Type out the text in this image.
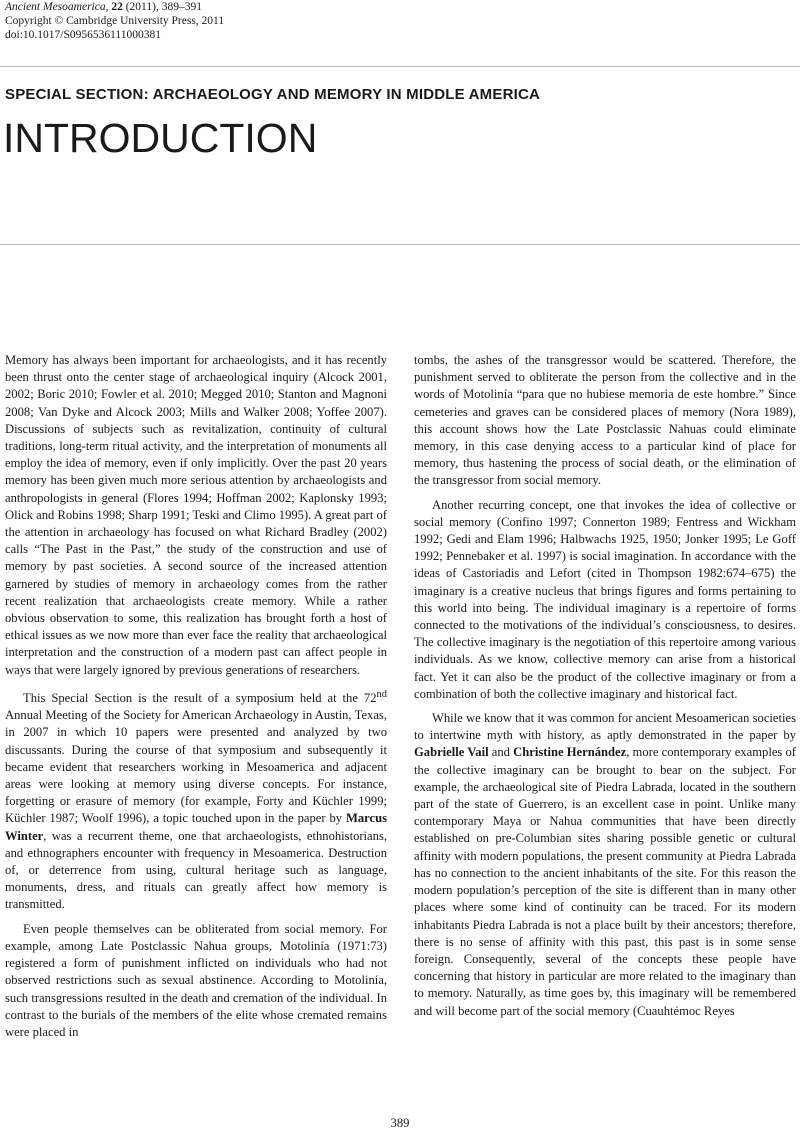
Ancient Mesoamerica, 22 (2011), 389–391
Copyright © Cambridge University Press, 2011
doi:10.1017/S0956536111000381
SPECIAL SECTION: ARCHAEOLOGY AND MEMORY IN MIDDLE AMERICA
INTRODUCTION

Memory has always been important for archaeologists, and it has recently been thrust onto the center stage of archaeological inquiry (Alcock 2001, 2002; Boric 2010; Fowler et al. 2010; Megged 2010; Stanton and Magnoni 2008; Van Dyke and Alcock 2003; Mills and Walker 2008; Yoffee 2007). Discussions of subjects such as revitalization, continuity of cultural traditions, long-term ritual activity, and the interpretation of monuments all employ the idea of memory, even if only implicitly. Over the past 20 years memory has been given much more serious attention by archaeologists and anthropologists in general (Flores 1994; Hoffman 2002; Kaplonsky 1993; Olick and Robins 1998; Sharp 1991; Teski and Climo 1995). A great part of the attention in archaeology has focused on what Richard Bradley (2002) calls “The Past in the Past,” the study of the construction and use of memory by past societies. A second source of the increased attention garnered by studies of memory in archaeology comes from the rather recent realization that archaeologists create memory. While a rather obvious observation to some, this realization has brought forth a host of ethical issues as we now more than ever face the reality that archaeological interpretation and the construction of a modern past can affect people in ways that were largely ignored by previous generations of researchers.

This Special Section is the result of a symposium held at the 72nd Annual Meeting of the Society for American Archaeology in Austin, Texas, in 2007 in which 10 papers were presented and analyzed by two discussants. During the course of that symposium and subsequently it became evident that researchers working in Mesoamerica and adjacent areas were looking at memory using diverse concepts. For instance, forgetting or erasure of memory (for example, Forty and Küchler 1999; Küchler 1987; Woolf 1996), a topic touched upon in the paper by Marcus Winter, was a recurrent theme, one that archaeologists, ethnohistorians, and ethnographers encounter with frequency in Mesoamerica. Destruction of, or deterrence from using, cultural heritage such as language, monuments, dress, and rituals can greatly affect how memory is transmitted.

Even people themselves can be obliterated from social memory. For example, among Late Postclassic Nahua groups, Motolinía (1971:73) registered a form of punishment inflicted on individuals who had not observed restrictions such as sexual abstinence. According to Motolinía, such transgressions resulted in the death and cremation of the individual. In contrast to the burials of the members of the elite whose cremated remains were placed in

tombs, the ashes of the transgressor would be scattered. Therefore, the punishment served to obliterate the person from the collective and in the words of Motolinía “para que no hubiese memoria de este hombre.” Since cemeteries and graves can be considered places of memory (Nora 1989), this account shows how the Late Postclassic Nahuas could eliminate memory, in this case denying access to a particular kind of place for memory, thus hastening the process of social death, or the elimination of the transgressor from social memory.

Another recurring concept, one that invokes the idea of collective or social memory (Confino 1997; Connerton 1989; Fentress and Wickham 1992; Gedi and Elam 1996; Halbwachs 1925, 1950; Jonker 1995; Le Goff 1992; Pennebaker et al. 1997) is social imagination. In accordance with the ideas of Castoriadis and Lefort (cited in Thompson 1982:674–675) the imaginary is a creative nucleus that brings figures and forms pertaining to this world into being. The individual imaginary is a repertoire of forms connected to the motivations of the individual’s consciousness, to desires. The collective imaginary is the negotiation of this repertoire among various individuals. As we know, collective memory can arise from a historical fact. Yet it can also be the product of the collective imaginary or from a combination of both the collective imaginary and historical fact.

While we know that it was common for ancient Mesoamerican societies to intertwine myth with history, as aptly demonstrated in the paper by Gabrielle Vail and Christine Hernández, more contemporary examples of the collective imaginary can be brought to bear on the subject. For example, the archaeological site of Piedra Labrada, located in the southern part of the state of Guerrero, is an excellent case in point. Unlike many contemporary Maya or Nahua communities that have been directly established on pre-Columbian sites sharing possible genetic or cultural affinity with modern populations, the present community at Piedra Labrada has no connection to the ancient inhabitants of the site. For this reason the modern population’s perception of the site is different than in many other places where some kind of continuity can be traced. For its modern inhabitants Piedra Labrada is not a place built by their ancestors; therefore, there is no sense of affinity with this past, this past is in some sense foreign. Consequently, several of the concepts these people have concerning that history in particular are more related to the imaginary than to memory. Naturally, as time goes by, this imaginary will be remembered and will become part of the social memory (Cuauhtémoc Reyes

389
